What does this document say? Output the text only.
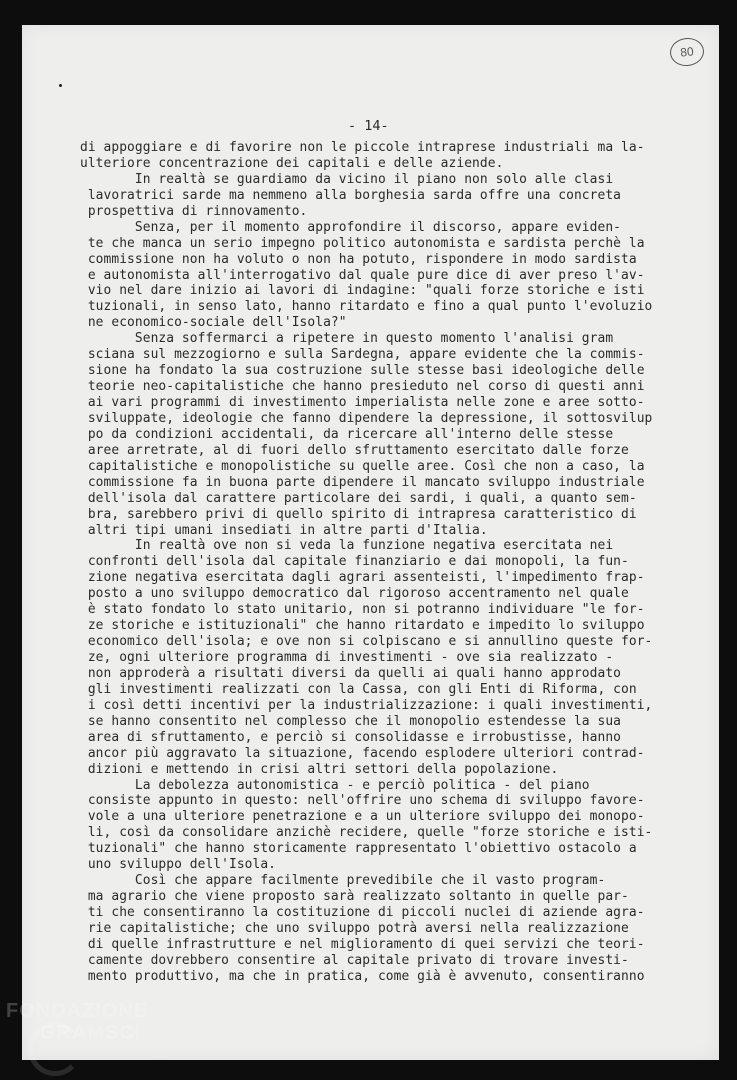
80
- 14-
di appoggiare e di favorire non le piccole intraprese industriali ma la-
ulteriore concentrazione dei capitali e delle aziende.
In realtà se guardiamo da vicino il piano non solo alle clasi
lavoratrici sarde ma nemmeno alla borghesia sarda offre una concreta
prospettiva di rinnovamento.
Senza, per il momento approfondire il discorso, appare eviden-
te che manca un serio impegno politico autonomista e sardista perchè la
commissione non ha voluto o non ha potuto, rispondere in modo sardista
e autonomista all'interrogativo dal quale pure dice di aver preso l'av-
vio nel dare inizio ai lavori di indagine: "quali forze storiche e isti
tuzionali, in senso lato, hanno ritardato e fino a qual punto l'evoluzio
ne economico-sociale dell'Isola?"
Senza soffermarci a ripetere in questo momento l'analisi gram
sciana sul mezzogiorno e sulla Sardegna, appare evidente che la commis-
sione ha fondato la sua costruzione sulle stesse basi ideologiche delle
teorie neo-capitalistiche che hanno presieduto nel corso di questi anni
ai vari programmi di investimento imperialista nelle zone e aree sotto-
sviluppate, ideologie che fanno dipendere la depressione, il sottosvilup
po da condizioni accidentali, da ricercare all'interno delle stesse
aree arretrate, al di fuori dello sfruttamento esercitato dalle forze
capitalistiche e monopolistiche su quelle aree. Così che non a caso, la
commissione fa in buona parte dipendere il mancato sviluppo industriale
dell'isola dal carattere particolare dei sardi, i quali, a quanto sem-
bra, sarebbero privi di quello spirito di intrapresa caratteristico di
altri tipi umani insediati in altre parti d'Italia.
In realtà ove non si veda la funzione negativa esercitata nei
confronti dell'isola dal capitale finanziario e dai monopoli, la fun-
zione negativa esercitata dagli agrari assenteisti, l'impedimento frap-
posto a uno sviluppo democratico dal rigoroso accentramento nel quale
è stato fondato lo stato unitario, non si potranno individuare "le for-
ze storiche e istituzionali" che hanno ritardato e impedito lo sviluppo
economico dell'isola; e ove non si colpiscano e si annullino queste for-
ze, ogni ulteriore programma di investimenti - ove sia realizzato -
non approderà a risultati diversi da quelli ai quali hanno approdato
gli investimenti realizzati con la Cassa, con gli Enti di Riforma, con
i così detti incentivi per la industrializzazione: i quali investimenti,
se hanno consentito nel complesso che il monopolio estendesse la sua
area di sfruttamento, e perciò si consolidasse e irrobustisse, hanno
ancor più aggravato la situazione, facendo esplodere ulteriori contrad-
dizioni e mettendo in crisi altri settori della popolazione.
La debolezza autonomistica - e perciò politica - del piano
consiste appunto in questo: nell'offrire uno schema di sviluppo favore-
vole a una ulteriore penetrazione e a un ulteriore sviluppo dei monopo-
li, così da consolidare anzichè recidere, quelle "forze storiche e isti-
tuzionali" che hanno storicamente rappresentato l'obiettivo ostacolo a
uno sviluppo dell'Isola.
Così che appare facilmente prevedibile che il vasto program-
ma agrario che viene proposto sarà realizzato soltanto in quelle par-
ti che consentiranno la costituzione di piccoli nuclei di aziende agra-
rie capitalistiche; che uno sviluppo potrà aversi nella realizzazione
di quelle infrastrutture e nel miglioramento di quei servizi che teori-
camente dovrebbero consentire al capitale privato di trovare investi-
mento produttivo, ma che in pratica, come già è avvenuto, consentiranno
FONDAZIONE
GRAMSCI
onlus
